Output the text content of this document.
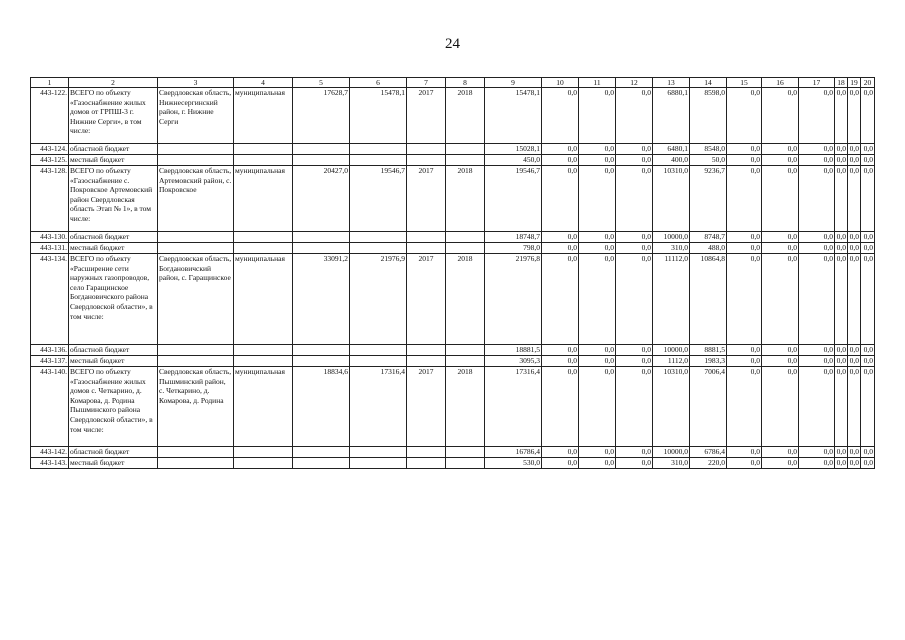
24
1	2	3	4	5	6	7	8	9	10	11	12	13	14	15	16	17	18	19	20
443-122.	ВСЕГО по объекту «Газоснабжение жилых домов от ГРПШ-3 г. Нижние Серги», в том числе:	Свердловская область, Нижнесергинский район, г. Нижние Серги	муниципальная	17628,7	15478,1	2017	2018	15478,1	0,0	0,0	0,0	6880,1	8598,0	0,0	0,0	0,0	0,0	0,0	0,0
443-124.	областной бюджет							15028,1	0,0	0,0	0,0	6480,1	8548,0	0,0	0,0	0,0	0,0	0,0	0,0
443-125.	местный бюджет							450,0	0,0	0,0	0,0	400,0	50,0	0,0	0,0	0,0	0,0	0,0	0,0
443-128.	ВСЕГО по объекту «Газоснабжение с. Покровское Артемовский район Свердловская область Этап № 1», в том числе:	Свердловская область, Артемовский район, с. Покровское	муниципальная	20427,0	19546,7	2017	2018	19546,7	0,0	0,0	0,0	10310,0	9236,7	0,0	0,0	0,0	0,0	0,0	0,0
443-130.	областной бюджет							18748,7	0,0	0,0	0,0	10000,0	8748,7	0,0	0,0	0,0	0,0	0,0	0,0
443-131.	местный бюджет							798,0	0,0	0,0	0,0	310,0	488,0	0,0	0,0	0,0	0,0	0,0	0,0
443-134.	ВСЕГО по объекту «Расширение сети наружных газопроводов, село Гаращинское Богдановичского района Свердловской области», в том числе:	Свердловская область, Богдановичский район, с. Гаращинское	муниципальная	33091,2	21976,9	2017	2018	21976,8	0,0	0,0	0,0	11112,0	10864,8	0,0	0,0	0,0	0,0	0,0	0,0
443-136.	областной бюджет							18881,5	0,0	0,0	0,0	10000,0	8881,5	0,0	0,0	0,0	0,0	0,0	0,0
443-137.	местный бюджет							3095,3	0,0	0,0	0,0	1112,0	1983,3	0,0	0,0	0,0	0,0	0,0	0,0
443-140.	ВСЕГО по объекту «Газоснабжение жилых домов с. Четкарино, д. Комарова, д. Родина Пышминского района Свердловской области», в том числе:	Свердловская область, Пышминский район, с. Четкарино, д. Комарова, д. Родина	муниципальная	18834,6	17316,4	2017	2018	17316,4	0,0	0,0	0,0	10310,0	7006,4	0,0	0,0	0,0	0,0	0,0	0,0
443-142.	областной бюджет							16786,4	0,0	0,0	0,0	10000,0	6786,4	0,0	0,0	0,0	0,0	0,0	0,0
443-143.	местный бюджет							530,0	0,0	0,0	0,0	310,0	220,0	0,0	0,0	0,0	0,0	0,0	0,0
